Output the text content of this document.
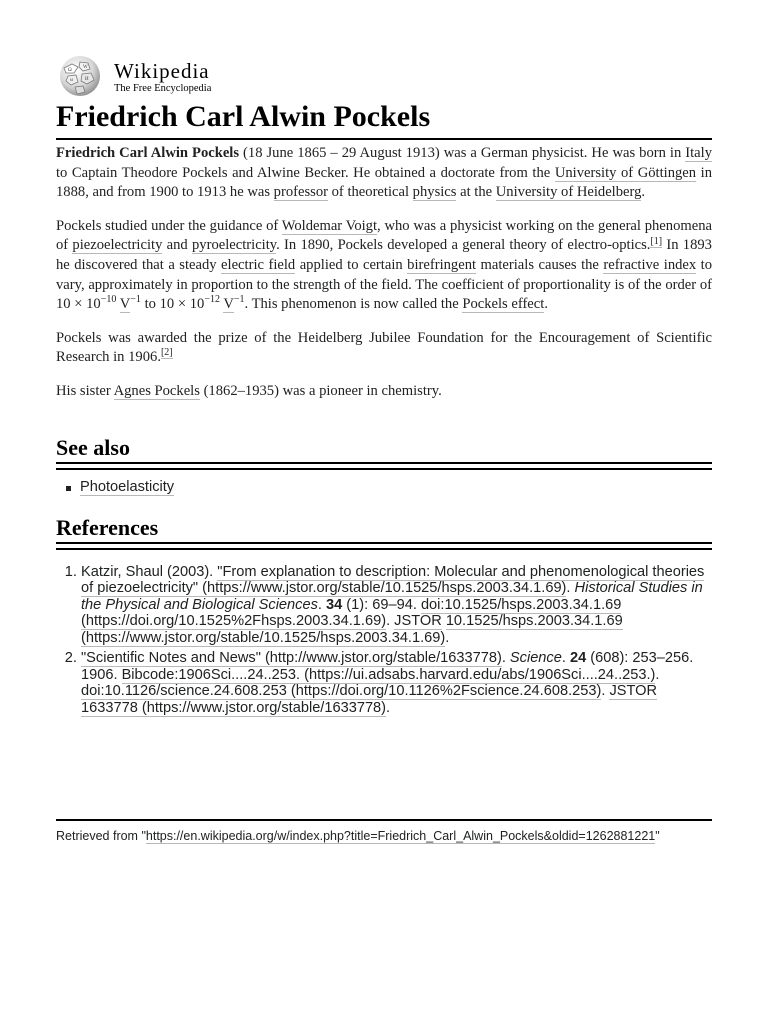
Ω
W
ω И Wikipedia
The Free Encyclopedia
Friedrich Carl Alwin Pockels

Friedrich Carl Alwin Pockels (18 June 1865 – 29 August 1913) was a German physicist. He was born in Italy to Captain Theodore Pockels and Alwine Becker. He obtained a doctorate from the University of Göttingen in 1888, and from 1900 to 1913 he was professor of theoretical physics at the University of Heidelberg.

Pockels studied under the guidance of Woldemar Voigt, who was a physicist working on the general phenomena of piezoelectricity and pyroelectricity. In 1890, Pockels developed a general theory of electro-optics.[1] In 1893 he discovered that a steady electric field applied to certain birefringent materials causes the refractive index to vary, approximately in proportion to the strength of the field. The coefficient of proportionality is of the order of $10 \times 10^{-10}$ $V^{-1}$ to $10 \times 10^{-12}$ $V^{-1}$. This phenomenon is now called the Pockels effect.

Pockels was awarded the prize of the Heidelberg Jubilee Foundation for the Encouragement of Scientific Research in 1906.[2]

His sister Agnes Pockels (1862–1935) was a pioneer in chemistry.

See also
Photoelasticity
References
1. Katzir, Shaul (2003). "From explanation to description: Molecular and phenomenological theories of piezoelectricity" (https://www.jstor.org/stable/10.1525/hsps.2003.34.1.69). Historical Studies in the Physical and Biological Sciences. 34 (1): 69–94. doi:10.1525/hsps.2003.34.1.69 (https://doi.org/10.1525%2Fhsps.2003.34.1.69). JSTOR 10.1525/hsps.2003.34.1.69 (https://www.jstor.org/stable/10.1525/hsps.2003.34.1.69).
2. "Scientific Notes and News" (http://www.jstor.org/stable/1633778). Science. 24 (608): 253–256. 1906. Bibcode:1906Sci....24..253. (https://ui.adsabs.harvard.edu/abs/1906Sci....24..253.). doi:10.1126/science.24.608.253 (https://doi.org/10.1126%2Fscience.24.608.253). JSTOR 1633778 (https://www.jstor.org/stable/1633778).
Retrieved from "https://en.wikipedia.org/w/index.php?title=Friedrich_Carl_Alwin_Pockels&oldid=1262881221"
